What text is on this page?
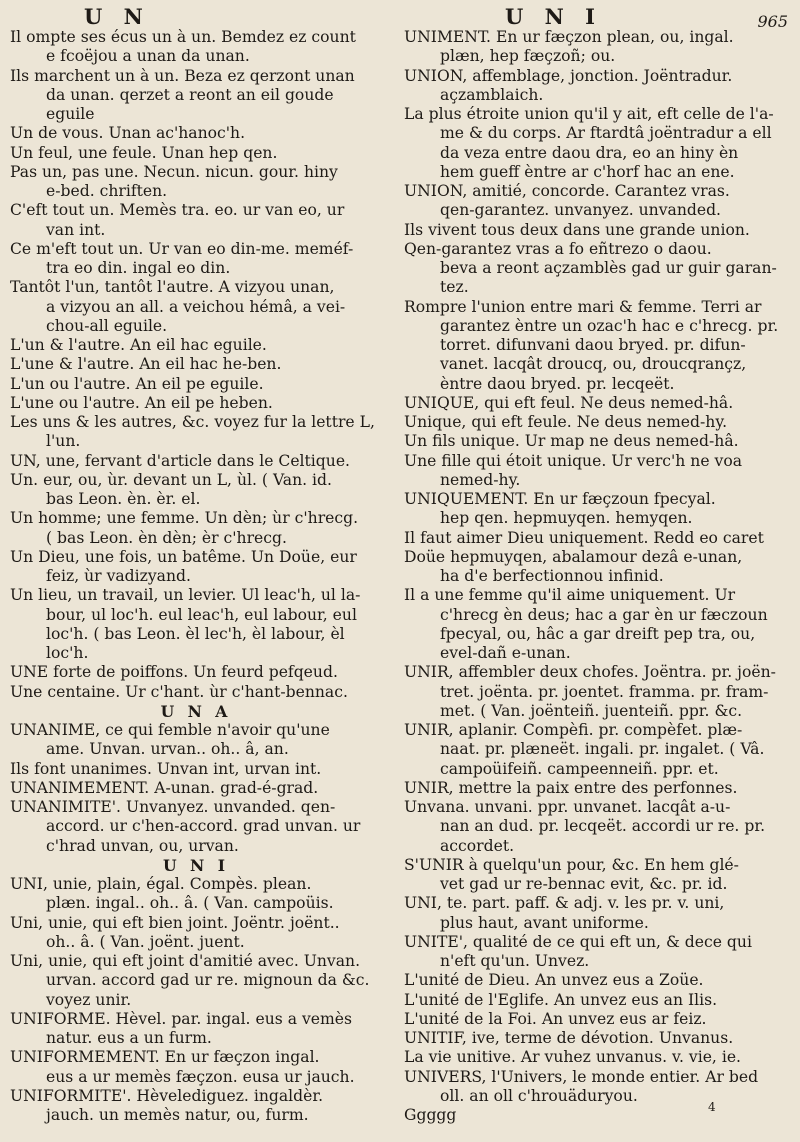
U N	U N I	965
Il ompte ses écus un à un. Bemdez ez count
e fcoëjou a unan da unan.
Ils marchent un à un. Beza ez qerzont unan
da unan. qerzet a reont an eil goude
eguile
Un de vous. Unan ac'hanoc'h.
Un feul, une feule. Unan hep qen.
Pas un, pas une. Necun. nicun. gour. hiny
e-bed. chriften.
C'eft tout un. Memès tra. eo. ur van eo, ur
van int.
Ce m'eft tout un. Ur van eo din-me. meméf-
tra eo din. ingal eo din.
Tantôt l'un, tantôt l'autre. A vizyou unan,
a vizyou an all. a veichou hémâ, a vei-
chou-all eguile.
L'un & l'autre. An eil hac eguile.
L'une & l'autre. An eil hac he-ben.
L'un ou l'autre. An eil pe eguile.
L'une ou l'autre. An eil pe heben.
Les uns & les autres, &c. voyez fur la lettre L,
l'un.
UN, une, fervant d'article dans le Celtique.
Un. eur, ou, ùr. devant un L, ùl. ( Van. id.
bas Leon. èn. èr. el.
Un homme; une femme. Un dèn; ùr c'hrecg.
( bas Leon. èn dèn; èr c'hrecg.
Un Dieu, une fois, un batême. Un Doüe, eur
feiz, ùr vadizyand.
Un lieu, un travail, un levier. Ul leac'h, ul la-
bour, ul loc'h. eul leac'h, eul labour, eul
loc'h. ( bas Leon. èl lec'h, èl labour, èl
loc'h.
UNE forte de poiffons. Un feurd pefqeud.
Une centaine. Ur c'hant. ùr c'hant-bennac.
U N A
UNANIME, ce qui femble n'avoir qu'une
ame. Unvan. urvan.. oh.. â, an.
Ils font unanimes. Unvan int, urvan int.
UNANIMEMENT. A-unan. grad-é-grad.
UNANIMITE'. Unvanyez. unvanded. qen-
accord. ur c'hen-accord. grad unvan. ur
c'hrad unvan, ou, urvan.
U N I
UNI, unie, plain, égal. Compès. plean.
plæn. ingal.. oh.. â. ( Van. campoüis.
Uni, unie, qui eft bien joint. Joëntr. joënt..
oh.. â. ( Van. joënt. juent.
Uni, unie, qui eft joint d'amitié avec. Unvan.
urvan. accord gad ur re. mignoun da &c.
voyez unir.
UNIFORME. Hèvel. par. ingal. eus a vemès
natur. eus a un furm.
UNIFORMEMENT. En ur fæçzon ingal.
eus a ur memès fæçzon. eusa ur jauch.
UNIFORMITE'. Hèvelediguez. ingaldèr.
jauch. un memès natur, ou, furm.
UNIMENT. En ur fæçzon plean, ou, ingal.
plæn, hep fæçzoñ; ou.
UNION, affemblage, jonction. Joëntradur.
açzamblaich.
La plus étroite union qu'il y ait, eft celle de l'a-
me & du corps. Ar ftardtâ joëntradur a ell
da veza entre daou dra, eo an hiny èn
hem gueff èntre ar c'horf hac an ene.
UNION, amitié, concorde. Carantez vras.
qen-garantez. unvanyez. unvanded.
Ils vivent tous deux dans une grande union.
Qen-garantez vras a fo eñtrezo o daou.
beva a reont açzamblès gad ur guir garan-
tez.
Rompre l'union entre mari & femme. Terri ar
garantez èntre un ozac'h hac e c'hrecg. pr.
torret. difunvani daou bryed. pr. difun-
vanet. lacqât droucq, ou, droucqrançz,
èntre daou bryed. pr. lecqeët.
UNIQUE, qui eft feul. Ne deus nemed-hâ.
Unique, qui eft feule. Ne deus nemed-hy.
Un fils unique. Ur map ne deus nemed-hâ.
Une fille qui étoit unique. Ur verc'h ne voa
nemed-hy.
UNIQUEMENT. En ur fæçzoun fpecyal.
hep qen. hepmuyqen. hemyqen.
Il faut aimer Dieu uniquement. Redd eo caret
Doüe hepmuyqen, abalamour dezâ e-unan,
ha d'e berfectionnou infinid.
Il a une femme qu'il aime uniquement. Ur
c'hrecg èn deus; hac a gar èn ur fæczoun
fpecyal, ou, hâc a gar dreift pep tra, ou,
evel-dañ e-unan.
UNIR, affembler deux chofes. Joëntra. pr. joën-
tret. joënta. pr. joentet. framma. pr. fram-
met. ( Van. joënteiñ. juenteiñ. ppr. &c.
UNIR, aplanir. Compèfi. pr. compèfet. plæ-
naat. pr. plæneët. ingali. pr. ingalet. ( Vâ.
campoüifeiñ. campeenneiñ. ppr. et.
UNIR, mettre la paix entre des perfonnes.
Unvana. unvani. ppr. unvanet. lacqât a-u-
nan an dud. pr. lecqeët. accordi ur re. pr.
accordet.
S'UNIR à quelqu'un pour, &c. En hem glé-
vet gad ur re-bennac evit, &c. pr. id.
UNI, te. part. paff. & adj. v. les pr. v. uni,
plus haut, avant uniforme.
UNITE', qualité de ce qui eft un, & dece qui
n'eft qu'un. Unvez.
L'unité de Dieu. An unvez eus a Zoüe.
L'unité de l'Eglife. An unvez eus an Ilis.
L'unité de la Foi. An unvez eus ar feiz.
UNITIF, ive, terme de dévotion. Unvanus.
La vie unitive. Ar vuhez unvanus. v. vie, ie.
UNIVERS, l'Univers, le monde entier. Ar bed
oll. an oll c'hrouäduryou.
Ggggg	4
